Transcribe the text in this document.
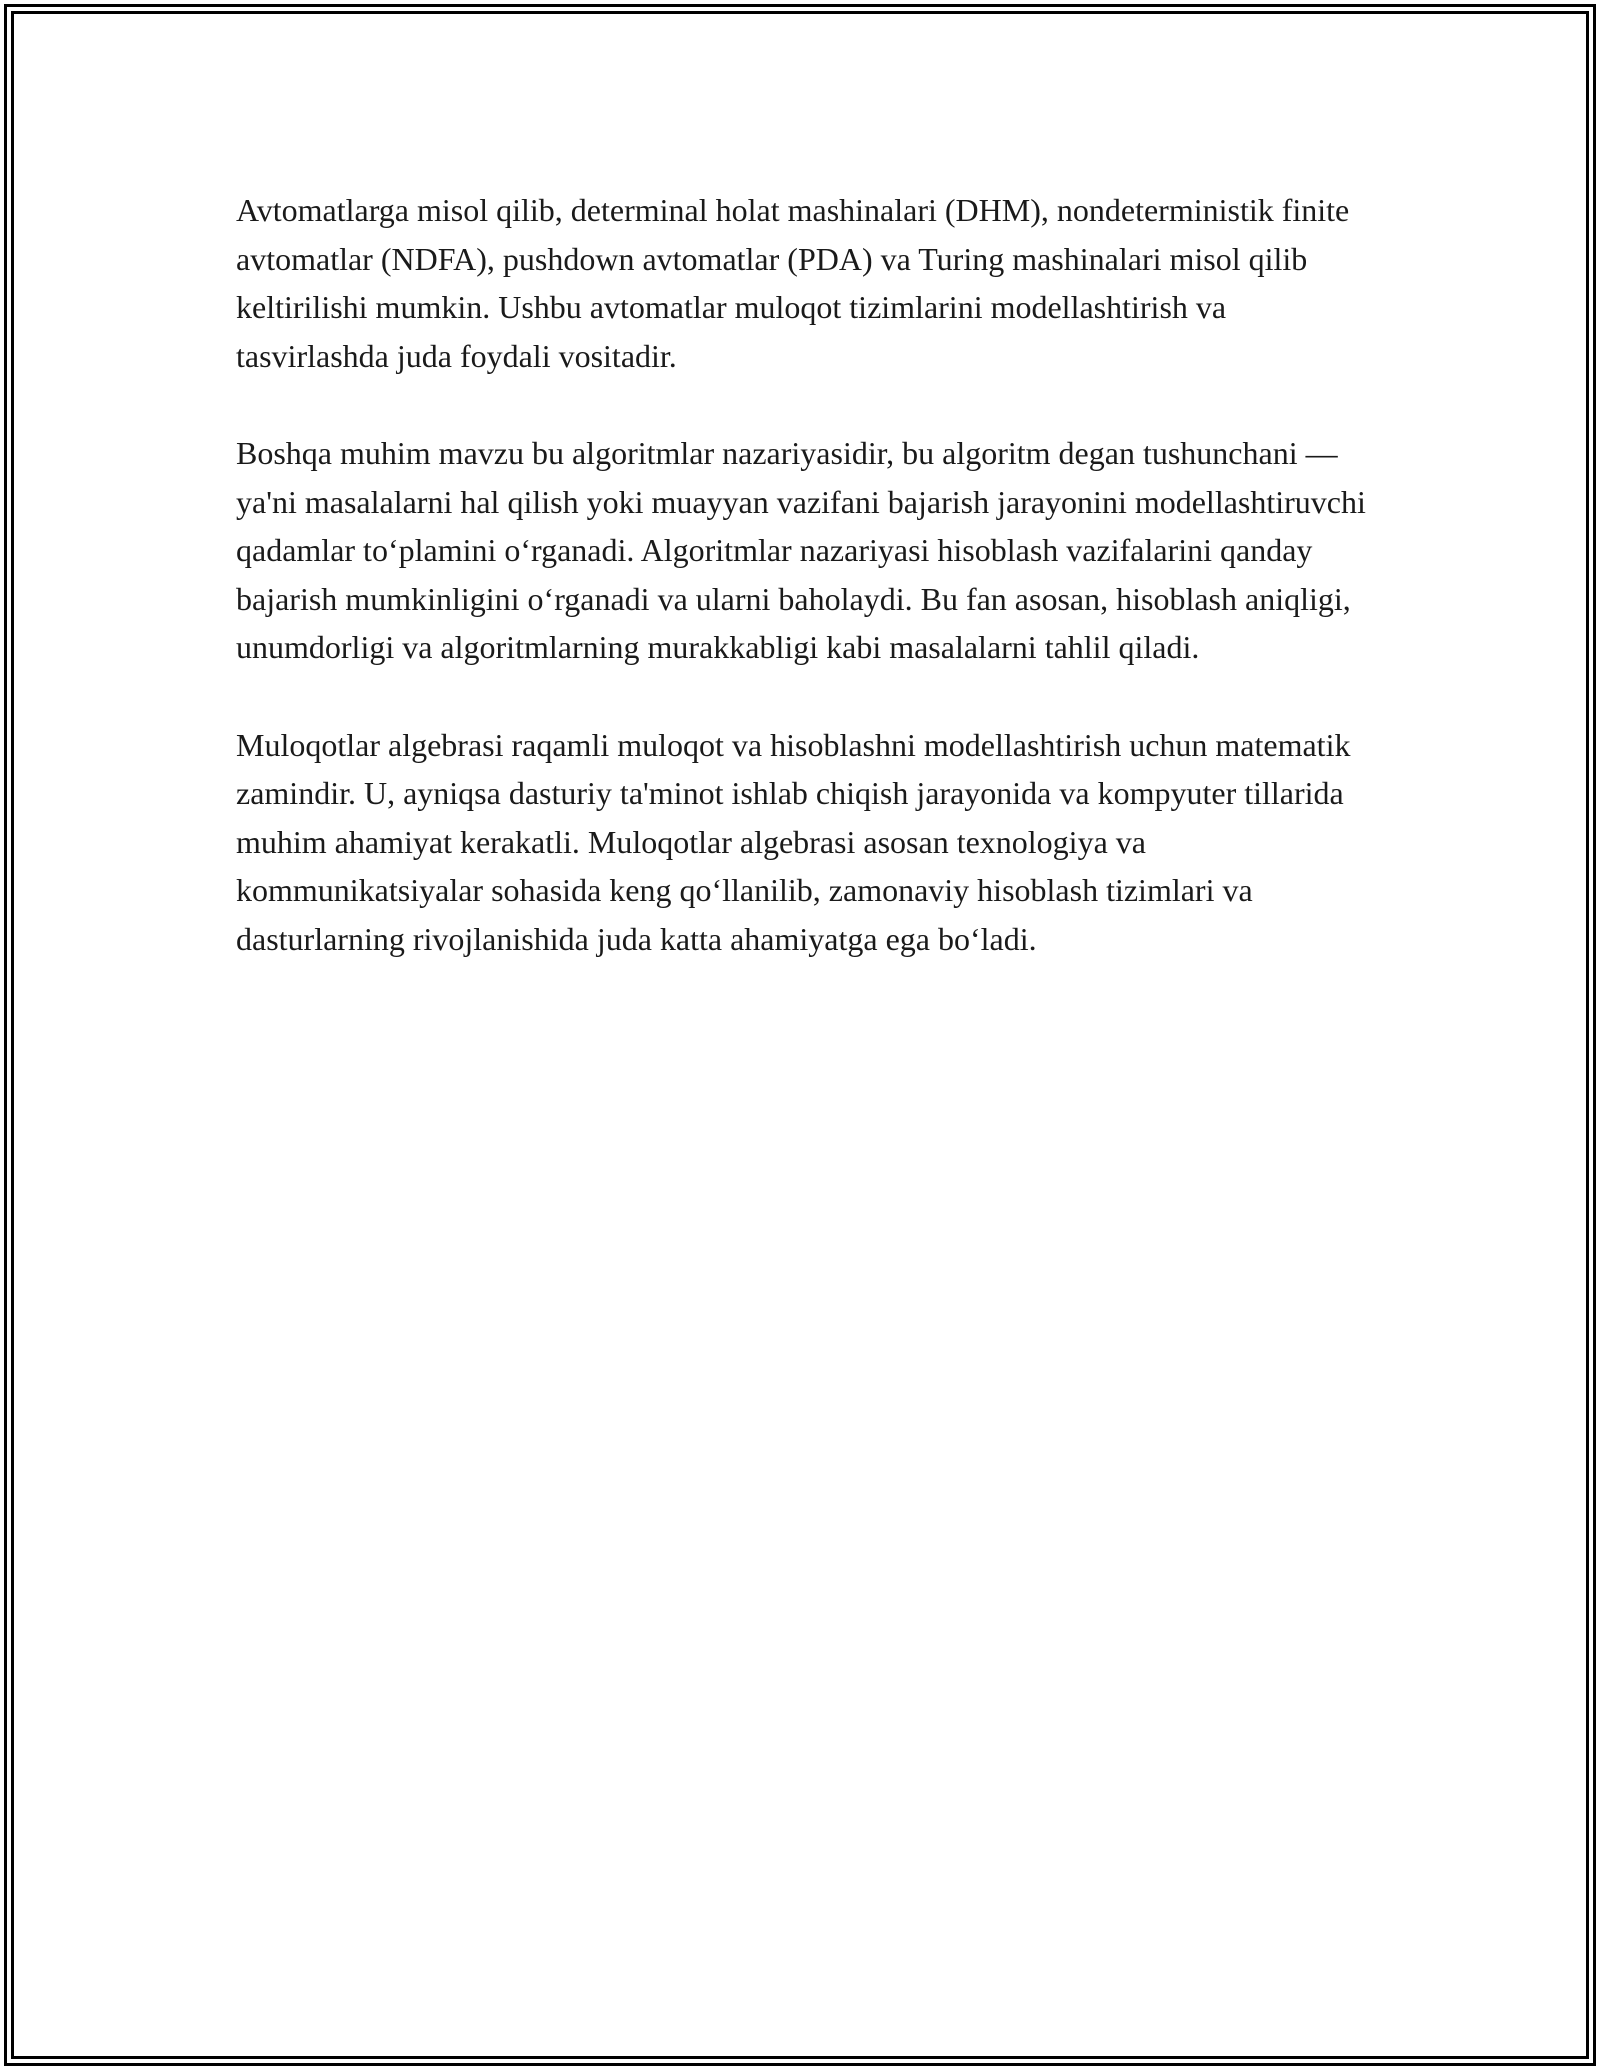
Avtomatlarga misol qilib, determinal holat mashinalari (DHM), nondeterministik finite avtomatlar (NDFA), pushdown avtomatlar (PDA) va Turing mashinalari misol qilib keltirilishi mumkin. Ushbu avtomatlar muloqot tizimlarini modellashtirish va tasvirlashda juda foydali vositadir.

Boshqa muhim mavzu bu algoritmlar nazariyasidir, bu algoritm degan tushunchani — ya'ni masalalarni hal qilish yoki muayyan vazifani bajarish jarayonini modellashtiruvchi qadamlar to‘plamini o‘rganadi. Algoritmlar nazariyasi hisoblash vazifalarini qanday bajarish mumkinligini o‘rganadi va ularni baholaydi. Bu fan asosan, hisoblash aniqligi, unumdorligi va algoritmlarning murakkabligi kabi masalalarni tahlil qiladi.

Muloqotlar algebrasi raqamli muloqot va hisoblashni modellashtirish uchun matematik zamindir. U, ayniqsa dasturiy ta'minot ishlab chiqish jarayonida va kompyuter tillarida muhim ahamiyat kerakatli. Muloqotlar algebrasi asosan texnologiya va kommunikatsiyalar sohasida keng qo‘llanilib, zamonaviy hisoblash tizimlari va dasturlarning rivojlanishida juda katta ahamiyatga ega bo‘ladi.
